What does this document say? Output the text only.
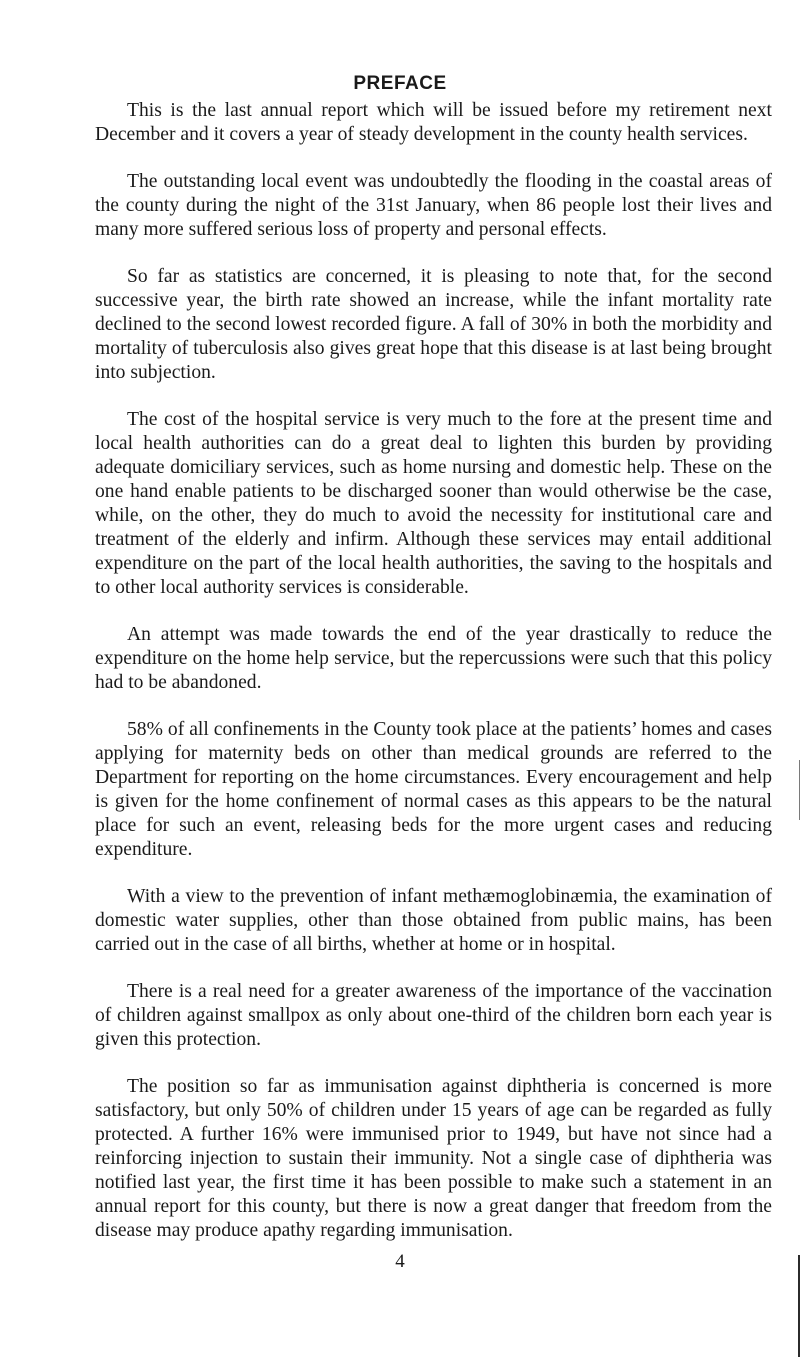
PREFACE

This is the last annual report which will be issued before my retirement next December and it covers a year of steady development in the county health services.

The outstanding local event was undoubtedly the flooding in the coastal areas of the county during the night of the 31st January, when 86 people lost their lives and many more suffered serious loss of property and personal effects.

So far as statistics are concerned, it is pleasing to note that, for the second successive year, the birth rate showed an increase, while the infant mortality rate declined to the second lowest recorded figure. A fall of 30% in both the morbidity and mortality of tuberculosis also gives great hope that this disease is at last being brought into subjection.

The cost of the hospital service is very much to the fore at the present time and local health authorities can do a great deal to lighten this burden by providing adequate domiciliary services, such as home nursing and domestic help. These on the one hand enable patients to be discharged sooner than would otherwise be the case, while, on the other, they do much to avoid the necessity for institutional care and treatment of the elderly and infirm. Although these services may entail additional expenditure on the part of the local health authorities, the saving to the hospitals and to other local authority services is considerable.

An attempt was made towards the end of the year drastically to reduce the expenditure on the home help service, but the repercussions were such that this policy had to be abandoned.

58% of all confinements in the County took place at the patients’ homes and cases applying for maternity beds on other than medical grounds are referred to the Department for reporting on the home circumstances. Every encouragement and help is given for the home confinement of normal cases as this appears to be the natural place for such an event, releasing beds for the more urgent cases and reducing expenditure.

With a view to the prevention of infant methæmoglobinæmia, the examination of domestic water supplies, other than those obtained from public mains, has been carried out in the case of all births, whether at home or in hospital.

There is a real need for a greater awareness of the importance of the vaccination of children against smallpox as only about one-third of the children born each year is given this protection.

The position so far as immunisation against diphtheria is concerned is more satisfactory, but only 50% of children under 15 years of age can be regarded as fully protected. A further 16% were immunised prior to 1949, but have not since had a reinforcing injection to sustain their immunity. Not a single case of diphtheria was notified last year, the first time it has been possible to make such a statement in an annual report for this county, but there is now a great danger that freedom from the disease may produce apathy regarding immunisation.

4
